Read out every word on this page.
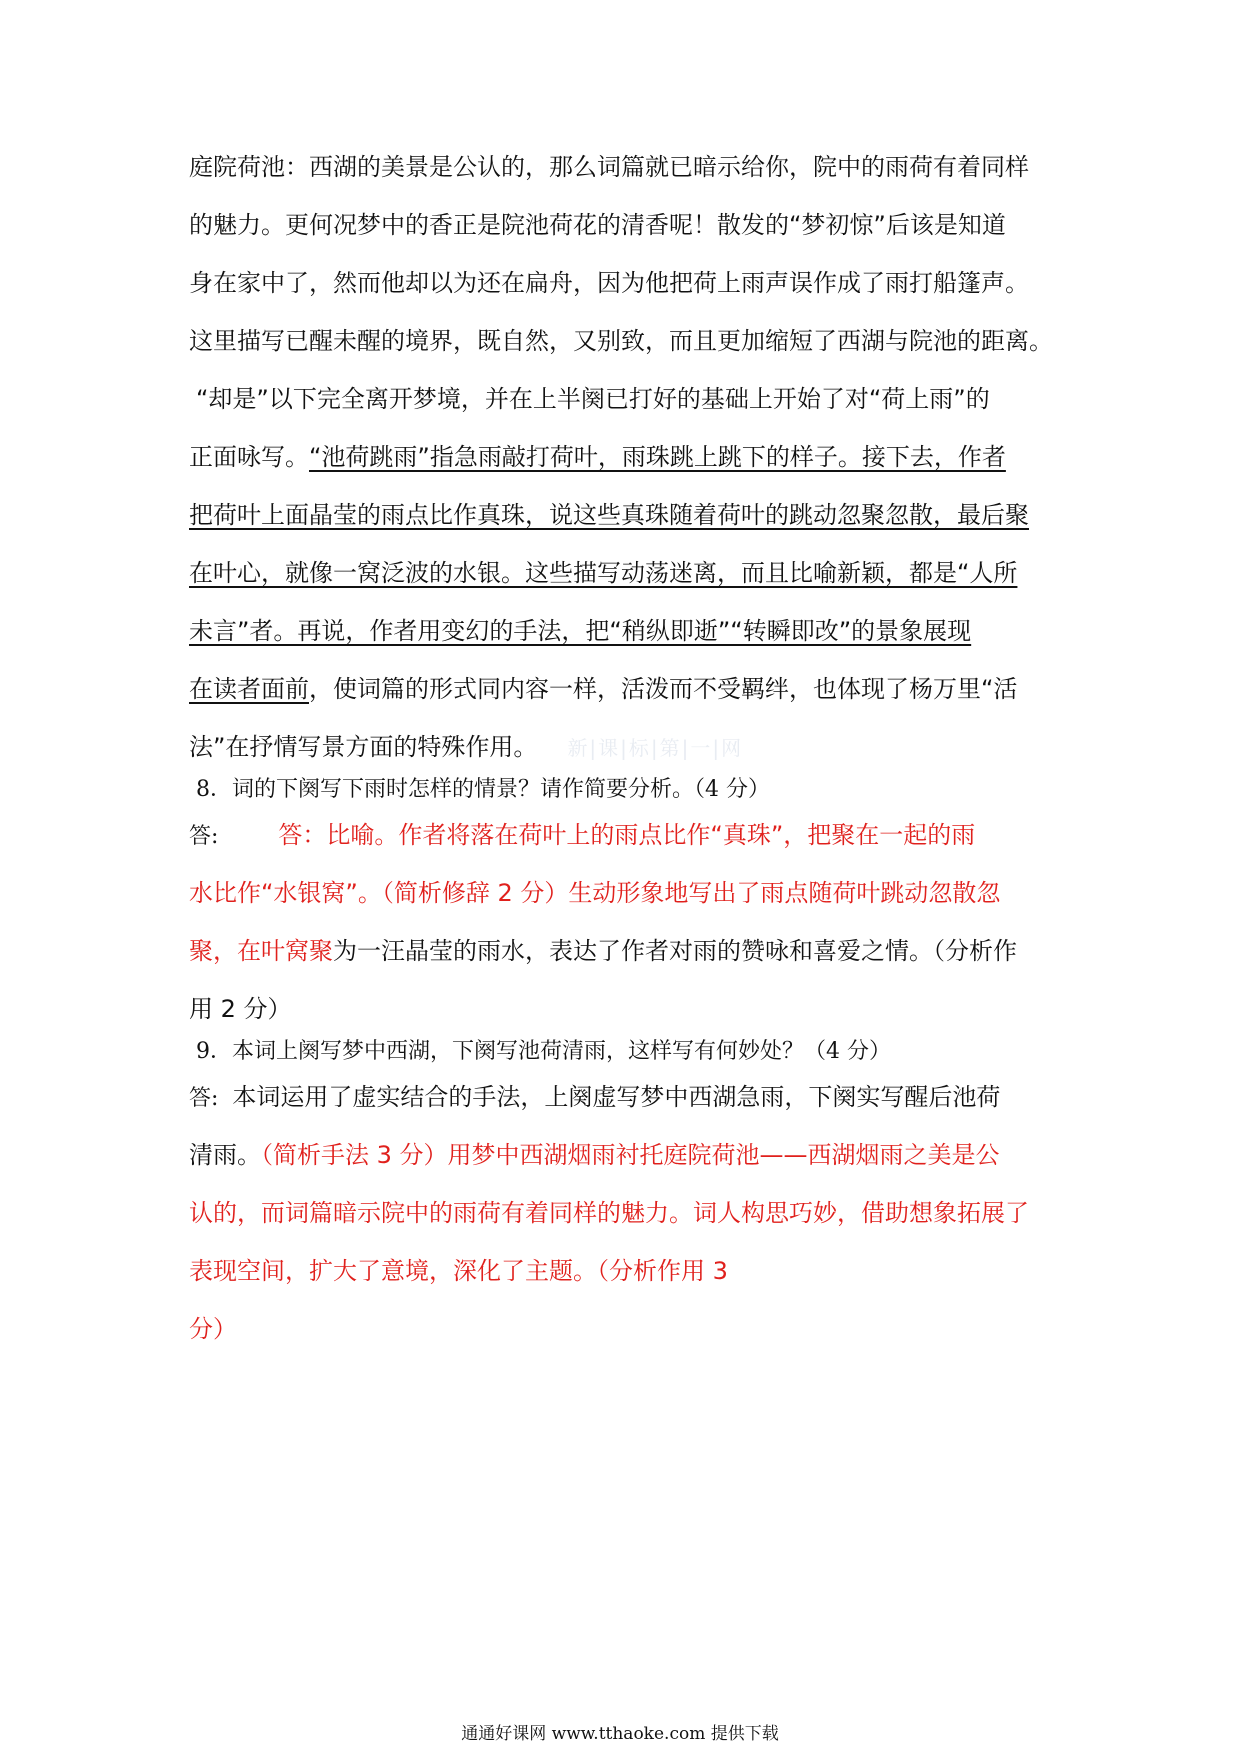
庭院荷池：西湖的美景是公认的，那么词篇就已暗示给你，院中的雨荷有着同样
的魅力。更何况梦中的香正是院池荷花的清香呢！散发的“梦初惊”后该是知道
身在家中了，然而他却以为还在扁舟，因为他把荷上雨声误作成了雨打船篷声。
这里描写已醒未醒的境界，既自然，又别致，而且更加缩短了西湖与院池的距离。
“却是”以下完全离开梦境，并在上半阕已打好的基础上开始了对“荷上雨”的
正面咏写。“池荷跳雨”指急雨敲打荷叶，雨珠跳上跳下的样子。接下去，作者
把荷叶上面晶莹的雨点比作真珠，说这些真珠随着荷叶的跳动忽聚忽散，最后聚
在叶心，就像一窝泛波的水银。这些描写动荡迷离，而且比喻新颖，都是“人所
未言”者。再说，作者用变幻的手法，把“稍纵即逝”“转瞬即改”的景象展现
在读者面前，使词篇的形式同内容一样，活泼而不受羁绊，也体现了杨万里“活
法”在抒情写景方面的特殊作用。 新|课|标|第|一|网
8．词的下阕写下雨时怎样的情景？请作简要分析。（4 分）
答:	答：比喻。作者将落在荷叶上的雨点比作“真珠”，把聚在一起的雨
水比作“水银窝”。（简析修辞 2 分）生动形象地写出了雨点随荷叶跳动忽散忽
聚，在叶窝聚为一汪晶莹的雨水，表达了作者对雨的赞咏和喜爱之情。（分析作
用 2 分）
9．本词上阕写梦中西湖，下阕写池荷清雨，这样写有何妙处？（4 分）
答: 本词运用了虚实结合的手法，上阕虚写梦中西湖急雨，下阕实写醒后池荷
清雨。（简析手法 3 分）用梦中西湖烟雨衬托庭院荷池——西湖烟雨之美是公
认的，而词篇暗示院中的雨荷有着同样的魅力。词人构思巧妙，借助想象拓展了
表现空间，扩大了意境，深化了主题。（分析作用 3
分）
通通好课网 www.tthaoke.com 提供下载
